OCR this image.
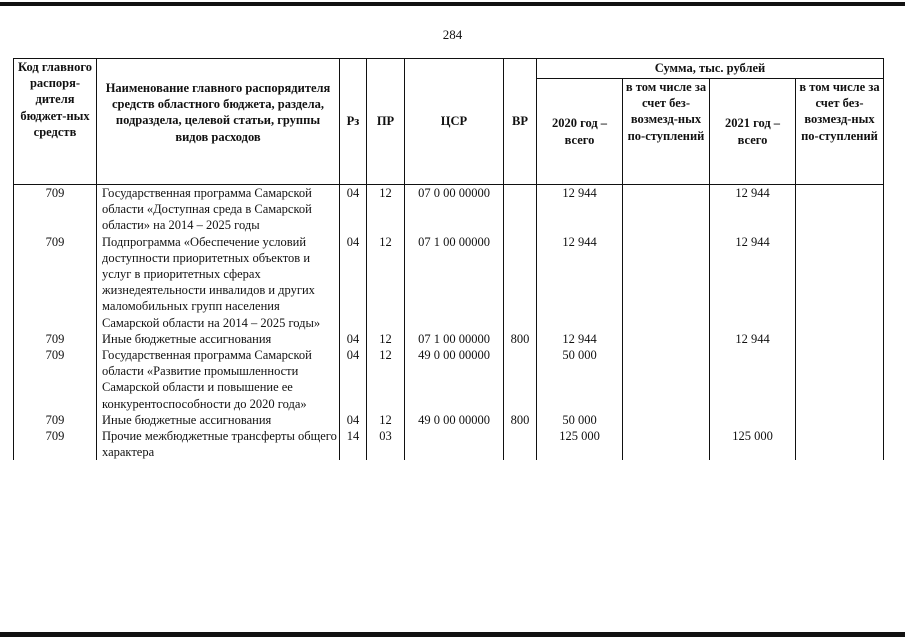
284
Код главного распоря-дителя бюджет-ных средств	Наименование главного распорядителя средств областного бюджета, раздела, подраздела, целевой статьи, группы видов расходов	Рз	ПР	ЦСР	ВР	Сумма, тыс. рублей			
						2020 год – всего	в том числе за счет без-возмезд-ных по-ступлений	2021 год – всего	в том числе за счет без-возмезд-ных по-ступлений
709	Государственная программа Самарской области «Доступная среда в Самарской области» на 2014 – 2025 годы	04	12	07 0 00 00000		12 944		12 944	
709	Подпрограмма «Обеспечение условий доступности приоритетных объектов и услуг в приоритетных сферах жизнедеятельности инвалидов и других маломобильных групп населения Самарской области на 2014 – 2025 годы»	04	12	07 1 00 00000		12 944		12 944	
709	Иные бюджетные ассигнования	04	12	07 1 00 00000	800	12 944		12 944	
709	Государственная программа Самарской области «Развитие промышленности Самарской области и повышение ее конкурентоспособности до 2020 года»	04	12	49 0 00 00000		50 000			
709	Иные бюджетные ассигнования	04	12	49 0 00 00000	800	50 000			
709	Прочие межбюджетные трансферты общего характера	14	03			125 000		125 000	
